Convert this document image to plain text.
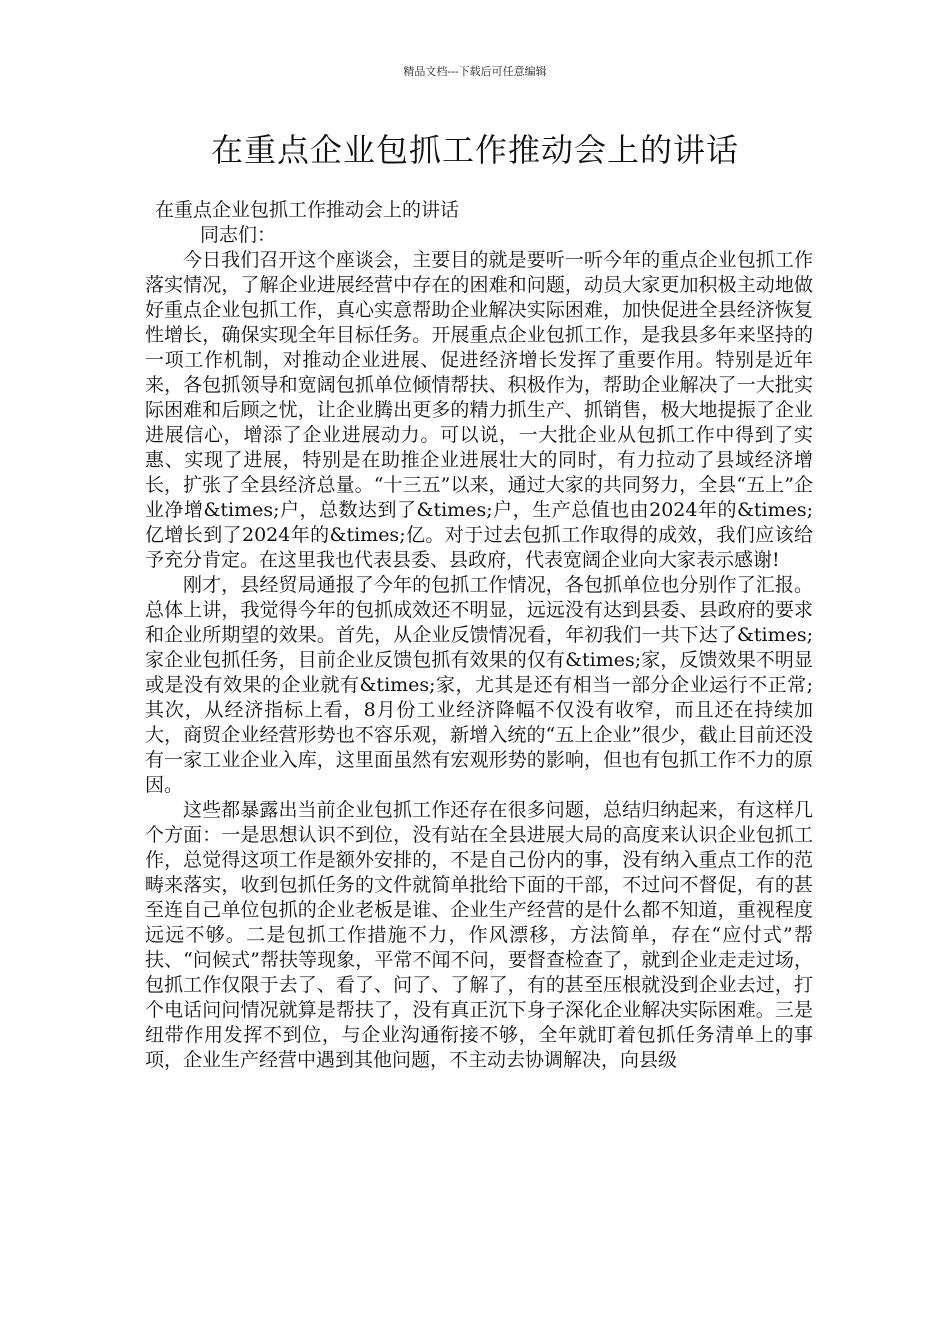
精品文档---下载后可任意编辑
在重点企业包抓工作推动会上的讲话

在重点企业包抓工作推动会上的讲话

同志们：

今日我们召开这个座谈会，主要目的就是要听一听今年的重点企业包抓工作落实情况，了解企业进展经营中存在的困难和问题，动员大家更加积极主动地做好重点企业包抓工作，真心实意帮助企业解决实际困难，加快促进全县经济恢复性增长，确保实现全年目标任务。开展重点企业包抓工作，是我县多年来坚持的一项工作机制，对推动企业进展、促进经济增长发挥了重要作用。特别是近年来，各包抓领导和宽阔包抓单位倾情帮扶、积极作为，帮助企业解决了一大批实际困难和后顾之忧，让企业腾出更多的精力抓生产、抓销售，极大地提振了企业进展信心，增添了企业进展动力。可以说，一大批企业从包抓工作中得到了实惠、实现了进展，特别是在助推企业进展壮大的同时，有力拉动了县域经济增长，扩张了全县经济总量。“十三五”以来，通过大家的共同努力，全县“五上”企业净增&times;户，总数达到了&times;户，生产总值也由2024年的&times;亿增长到了2024年的&times;亿。对于过去包抓工作取得的成效，我们应该给予充分肯定。在这里我也代表县委、县政府，代表宽阔企业向大家表示感谢!

刚才，县经贸局通报了今年的包抓工作情况，各包抓单位也分别作了汇报。总体上讲，我觉得今年的包抓成效还不明显，远远没有达到县委、县政府的要求和企业所期望的效果。首先，从企业反馈情况看，年初我们一共下达了&times;家企业包抓任务，目前企业反馈包抓有效果的仅有&times;家，反馈效果不明显或是没有效果的企业就有&times;家，尤其是还有相当一部分企业运行不正常;其次，从经济指标上看，8月份工业经济降幅不仅没有收窄，而且还在持续加大，商贸企业经营形势也不容乐观，新增入统的“五上企业”很少，截止目前还没有一家工业企业入库，这里面虽然有宏观形势的影响，但也有包抓工作不力的原因。

这些都暴露出当前企业包抓工作还存在很多问题，总结归纳起来，有这样几个方面：一是思想认识不到位，没有站在全县进展大局的高度来认识企业包抓工作，总觉得这项工作是额外安排的，不是自己份内的事，没有纳入重点工作的范畴来落实，收到包抓任务的文件就简单批给下面的干部，不过问不督促，有的甚至连自己单位包抓的企业老板是谁、企业生产经营的是什么都不知道，重视程度远远不够。二是包抓工作措施不力，作风漂移，方法简单，存在“应付式”帮扶、“问候式”帮扶等现象，平常不闻不问，要督查检查了，就到企业走走过场，包抓工作仅限于去了、看了、问了、了解了，有的甚至压根就没到企业去过，打个电话问问情况就算是帮扶了，没有真正沉下身子深化企业解决实际困难。三是纽带作用发挥不到位，与企业沟通衔接不够，全年就盯着包抓任务清单上的事项，企业生产经营中遇到其他问题，不主动去协调解决，向县级
